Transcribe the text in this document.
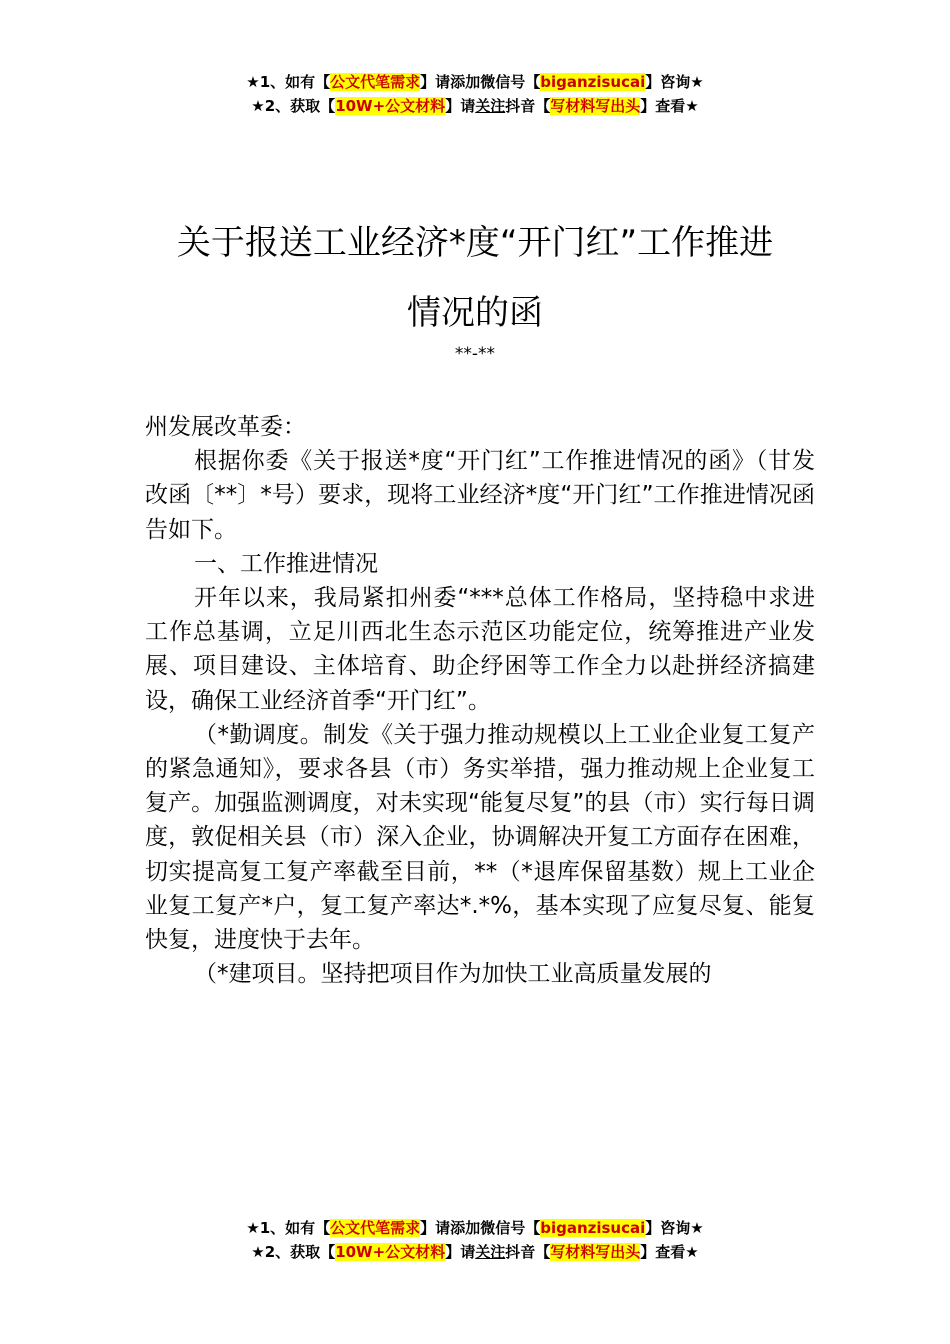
★1、如有【公文代笔需求】请添加微信号【biganzisucai】咨询★
★2、获取【10W+公文材料】请关注抖音【写材料写出头】查看★
关于报送工业经济*度“开门红”工作推进
情况的函
**-**

州发展改革委：

根据你委《关于报送*度“开门红”工作推进情况的函》（甘发改函〔**〕*号）要求，现将工业经济*度“开门红”工作推进情况函告如下。

一、工作推进情况

开年以来，我局紧扣州委“***总体工作格局，坚持稳中求进工作总基调，立足川西北生态示范区功能定位，统筹推进产业发展、项目建设、主体培育、助企纾困等工作全力以赴拼经济搞建设，确保工业经济首季“开门红”。

（*勤调度。制发《关于强力推动规模以上工业企业复工复产的紧急通知》，要求各县（市）务实举措，强力推动规上企业复工复产。加强监测调度，对未实现“能复尽复”的县（市）实行每日调度，敦促相关县（市）深入企业，协调解决开复工方面存在困难，切实提高复工复产率截至目前，**（*退库保留基数）规上工业企业复工复产*户，复工复产率达*.*%，基本实现了应复尽复、能复快复，进度快于去年。

（*建项目。坚持把项目作为加快工业高质量发展的

★1、如有【公文代笔需求】请添加微信号【biganzisucai】咨询★
★2、获取【10W+公文材料】请关注抖音【写材料写出头】查看★
